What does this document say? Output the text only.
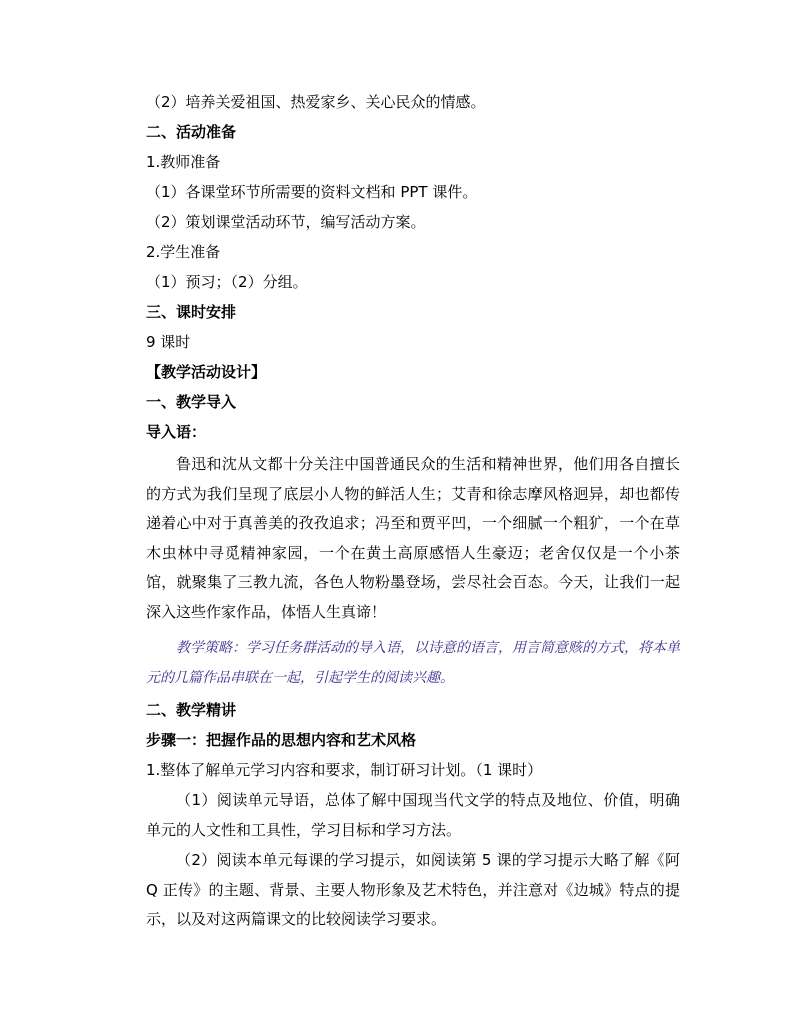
（2）培养关爱祖国、热爱家乡、关心民众的情感。
二、活动准备
1.教师准备
（1）各课堂环节所需要的资料文档和 PPT 课件。
（2）策划课堂活动环节，编写活动方案。
2.学生准备
（1）预习；（2）分组。
三、课时安排
9 课时
【教学活动设计】
一、教学导入
导入语：
鲁迅和沈从文都十分关注中国普通民众的生活和精神世界，他们用各自擅长的方式为我们呈现了底层小人物的鲜活人生；艾青和徐志摩风格迥异，却也都传递着心中对于真善美的孜孜追求；冯至和贾平凹，一个细腻一个粗犷，一个在草木虫林中寻觅精神家园，一个在黄土高原感悟人生豪迈；老舍仅仅是一个小茶馆，就聚集了三教九流，各色人物粉墨登场，尝尽社会百态。今天，让我们一起深入这些作家作品，体悟人生真谛！
教学策略：学习任务群活动的导入语，以诗意的语言，用言简意赅的方式，将本单元的几篇作品串联在一起，引起学生的阅读兴趣。
二、教学精讲
步骤一：把握作品的思想内容和艺术风格
1.整体了解单元学习内容和要求，制订研习计划。（1 课时）
（1）阅读单元导语，总体了解中国现当代文学的特点及地位、价值，明确单元的人文性和工具性，学习目标和学习方法。
（2）阅读本单元每课的学习提示，如阅读第 5 课的学习提示大略了解《阿 Q 正传》的主题、背景、主要人物形象及艺术特色，并注意对《边城》特点的提示，以及对这两篇课文的比较阅读学习要求。
